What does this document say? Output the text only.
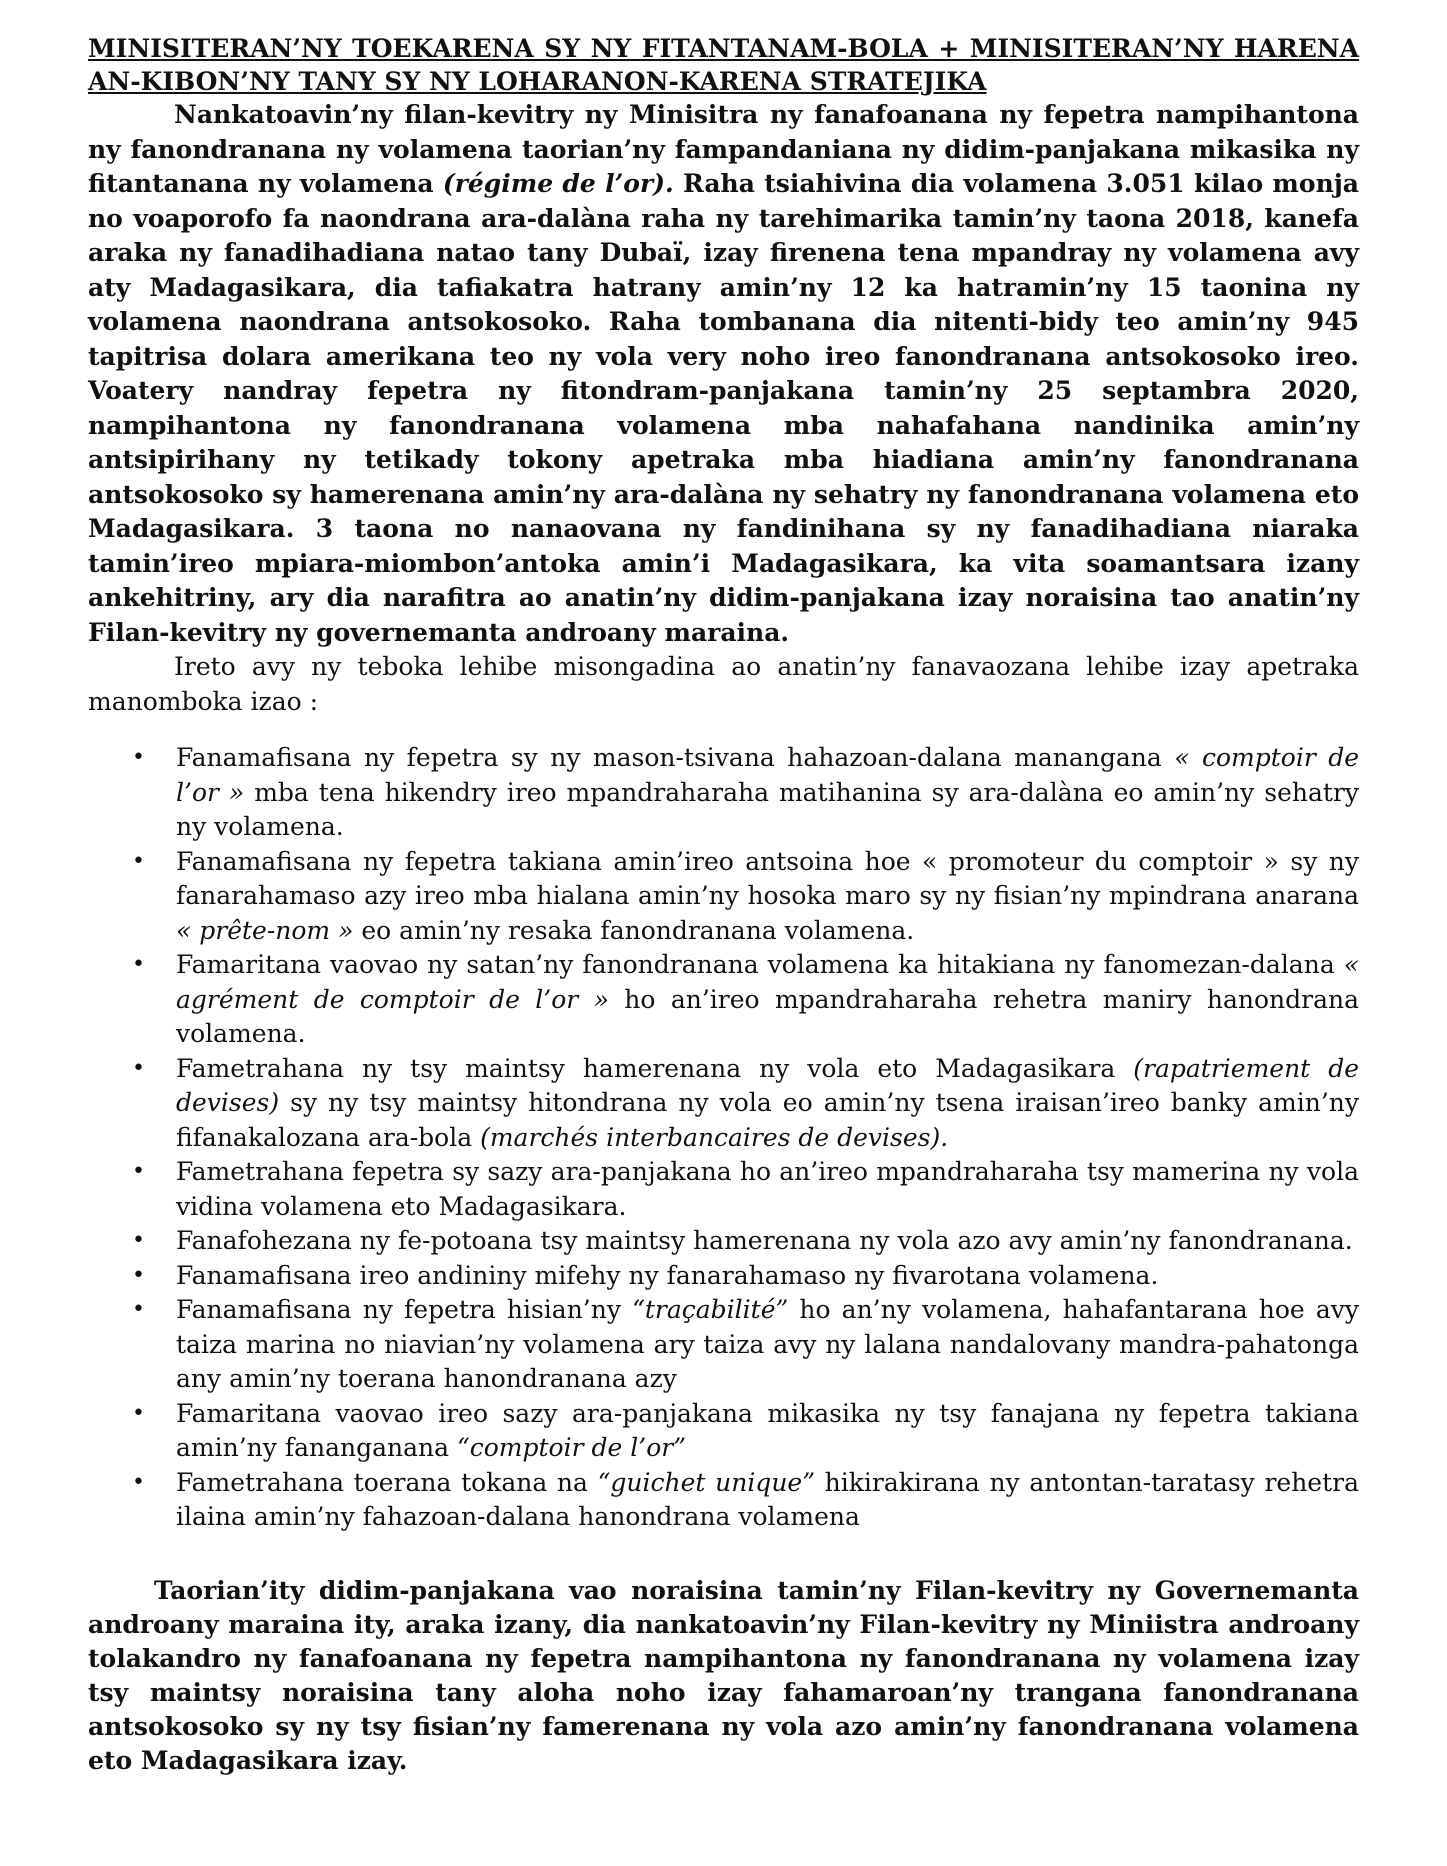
MINISITERAN’NY TOEKARENA SY NY FITANTANAM-BOLA + MINISITERAN’NY HARENA AN-KIBON’NY TANY SY NY LOHARANON-KARENA STRATEJIKA

Nankatoavin’ny filan-kevitry ny Minisitra ny fanafoanana ny fepetra nampihantona ny fanondranana ny volamena taorian’ny fampandaniana ny didim-panjakana mikasika ny fitantanana ny volamena (régime de l’or). Raha tsiahivina dia volamena 3.051 kilao monja no voaporofo fa naondrana ara-dalàna raha ny tarehimarika tamin’ny taona 2018, kanefa araka ny fanadihadiana natao tany Dubaï, izay firenena tena mpandray ny volamena avy aty Madagasikara, dia tafiakatra hatrany amin’ny 12 ka hatramin’ny 15 taonina ny volamena naondrana antsokosoko. Raha tombanana dia nitenti-bidy teo amin’ny 945 tapitrisa dolara amerikana teo ny vola very noho ireo fanondranana antsokosoko ireo. Voatery nandray fepetra ny fitondram-panjakana tamin’ny 25 septambra 2020, nampihantona ny fanondranana volamena mba nahafahana nandinika amin’ny antsipirihany ny tetikady tokony apetraka mba hiadiana amin’ny fanondranana antsokosoko sy hamerenana amin’ny ara-dalàna ny sehatry ny fanondranana volamena eto Madagasikara. 3 taona no nanaovana ny fandinihana sy ny fanadihadiana niaraka tamin’ireo mpiara-miombon’antoka amin’i Madagasikara, ka vita soamantsara izany ankehitriny, ary dia narafitra ao anatin’ny didim-panjakana izay noraisina tao anatin’ny Filan-kevitry ny governemanta androany maraina.

Ireto avy ny teboka lehibe misongadina ao anatin’ny fanavaozana lehibe izay apetraka manomboka izao :

• Fanamafisana ny fepetra sy ny mason-tsivana hahazoan-dalana manangana « comptoir de l’or » mba tena hikendry ireo mpandraharaha matihanina sy ara-dalàna eo amin’ny sehatry ny volamena.
• Fanamafisana ny fepetra takiana amin’ireo antsoina hoe « promoteur du comptoir » sy ny fanarahamaso azy ireo mba hialana amin’ny hosoka maro sy ny fisian’ny mpindrana anarana « prête-nom » eo amin’ny resaka fanondranana volamena.
• Famaritana vaovao ny satan’ny fanondranana volamena ka hitakiana ny fanomezan-dalana « agrément de comptoir de l’or » ho an’ireo mpandraharaha rehetra maniry hanondrana volamena.
• Fametrahana ny tsy maintsy hamerenana ny vola eto Madagasikara (rapatriement de devises) sy ny tsy maintsy hitondrana ny vola eo amin’ny tsena iraisan’ireo banky amin’ny fifanakalozana ara-bola (marchés interbancaires de devises).
• Fametrahana fepetra sy sazy ara-panjakana ho an’ireo mpandraharaha tsy mamerina ny vola vidina volamena eto Madagasikara.
• Fanafohezana ny fe-potoana tsy maintsy hamerenana ny vola azo avy amin’ny fanondranana.
• Fanamafisana ireo andininy mifehy ny fanarahamaso ny fivarotana volamena.
• Fanamafisana ny fepetra hisian’ny “traçabilité” ho an’ny volamena, hahafantarana hoe avy taiza marina no niavian’ny volamena ary taiza avy ny lalana nandalovany mandra-pahatonga any amin’ny toerana hanondranana azy
• Famaritana vaovao ireo sazy ara-panjakana mikasika ny tsy fanajana ny fepetra takiana amin’ny fananganana “comptoir de l’or”
• Fametrahana toerana tokana na “guichet unique” hikirakirana ny antontan-taratasy rehetra ilaina amin’ny fahazoan-dalana hanondrana volamena

Taorian’ity didim-panjakana vao noraisina tamin’ny Filan-kevitry ny Governemanta androany maraina ity, araka izany, dia nankatoavin’ny Filan-kevitry ny Miniistra androany tolakandro ny fanafoanana ny fepetra nampihantona ny fanondranana ny volamena izay tsy maintsy noraisina tany aloha noho izay fahamaroan’ny trangana fanondranana antsokosoko sy ny tsy fisian’ny famerenana ny vola azo amin’ny fanondranana volamena eto Madagasikara izay.
